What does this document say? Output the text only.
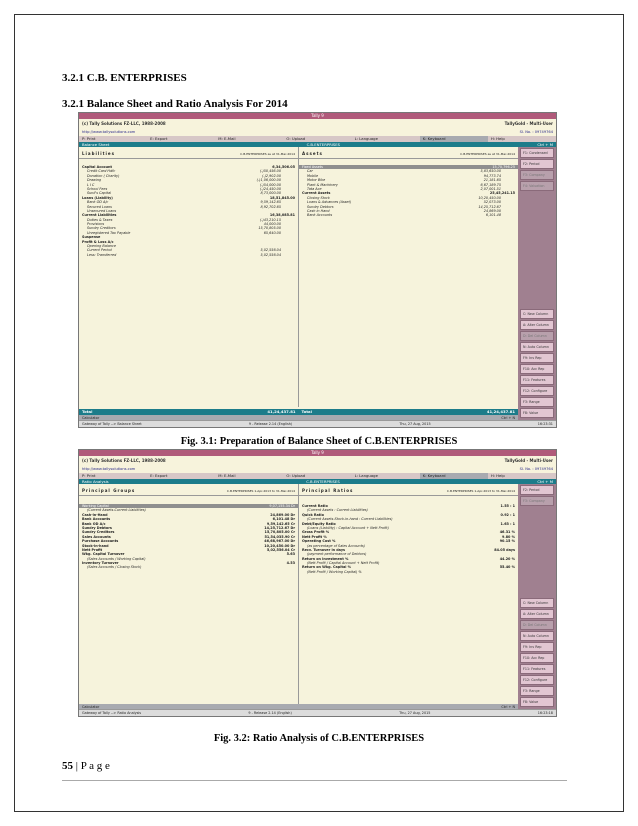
3.2.1 C.B. ENTERPRISES
3.2.1 Balance Sheet and Ratio Analysis For 2014
Tally 9
(c) Tally Solutions FZ-LLC, 1988-2008	TallyGold - Multi-User
http://www.tallysolutions.com	SI. No. : 09749764
P: Print	E: Export	M: E-Mail	O: Upload	L: Language	K: Keyboard	H: Help
Balance Sheet	C.B.ENTERPRISES	Ctrl + M
Liabilities	C.B.ENTERPRISES as at 31-Mar-2014
Capital Account	6,34,506.05
Credit Card Hdfc	(-)50,456.00
Donation ( Charity)	(-)2,902.00
Drawing	(-)1,06,000.00
L I C	(-)54,000.00
School Fees	(-)24,450.00
Sunil's Capital	8,73,000.00
Loans (Liability)	18,51,845.00
Bank OD A/c	9,59,142.65
Secured Loans	8,92,702.65
Unsecured Loans
Current Liabilities	16,38,085.81
Duties & Taxes	(-)43,210.15
Provisions	44,000.00
Sundry Creditors	15,70,805.00
Unregistered Tax Payable	65,640.00
Suspense
Profit & Loss A/c
Opening Balance
Current Period	5,02,556.04
Less: Transferred	5,02,556.04
Assets	C.B.ENTERPRISES as at 31-Mar-2014
Fixed Assets	15,70,796.25
Car	5,83,650.00
Mobile	94,773.74
Motor Bike	21,181.65
Plant & Machinery	6,67,189.75
Tata Ace	2,07,001.51
Current Assets	25,45,241.15
Closing Stock	10,20,450.00
Loans & Advances (Asset)	52,073.00
Sundry Debtors	14,25,712.67
Cash in Hand	24,869.00
Bank Accounts	6,101.48
Total	41,24,437.81 Total	41,24,437.81
F1: Condensed
F2: Period
F3: Company
F4: Valuation
C: New Column
A: Alter Column
D: Del Column
N: Auto Column
F9: Inv Rep
F10: Acc Rep
F11: Features
F12: Configure
F3: Range
F8: Value
Calculator	Ctrl + N
Gateway of Tally --> Balance Sheet	9 - Release 2.14 (English)	Thu, 27 Aug, 2015	16:23:31
Fig. 3.1: Preparation of Balance Sheet of C.B.ENTERPRISES
Tally 9
(c) Tally Solutions FZ-LLC, 1988-2008	TallyGold - Multi-User
http://www.tallysolutions.com	SI. No. : 09749764
P: Print	E: Export	M: E-Mail	O: Upload	L: Language	K: Keyboard	H: Help
Ratio Analysis	C.B.ENTERPRISES	Ctrl + M
Principal Groups	C.B.ENTERPRISES 1-Apr-2013 to 31-Mar-2014
Working Capital	9,07,155.34 Dr
(Current Assets-Current Liabilities)
Cash-in-Hand	24,869.00 Dr
Bank Accounts	6,101.48 Dr
Bank OD A/c	9,59,142.65 Cr
Sundry Debtors	14,25,712.67 Dr
Sundry Creditors	15,70,805.00 Cr
Sales Accounts	51,54,035.90 Cr
Purchase Accounts	46,68,967.00 Dr
Stock-in-hand	10,20,450.00 Dr
Nett Profit	5,02,556.04 Cr
Wkg. Capital Turnover	5.63
(Sales Accounts / Working Capital)
Inventory Turnover	4.53
(Sales Accounts / Closing Stock)
Principal Ratios	C.B.ENTERPRISES 1-Apr-2013 to 31-Mar-2014
Current Ratio	1.55 : 1
(Current Assets : Current Liabilities)
Quick Ratio	0.92 : 1
(Current Assets-Stock-in-hand : Current Liabilities)
Debt/Equity Ratio	1.63 : 1
(Loans (Liability) : Capital Account + Nett Profit)
Gross Profit %	46.31 %
Nett Profit %	9.80 %
Operating Cost %	90.15 %
(as percentage of Sales Accounts)
Recv. Turnover in days	84.05 days
(payment performance of Debtors)
Return on Investment %	44.20 %
(Nett Profit / Capital Account + Nett Profit)
Return on Wkg. Capital %	55.40 %
(Nett Profit / Working Capital) %
F2: Period
F3: Company
C: New Column
A: Alter Column
D: Del Column
N: Auto Column
F9: Inv Rep
F10: Acc Rep
F11: Features
F12: Configure
F3: Range
F8: Value
Calculator	Ctrl + N
Gateway of Tally --> Ratio Analysis	9 - Release 2.14 (English)	Thu, 27 Aug, 2015	16:23:18
Fig. 3.2: Ratio Analysis of C.B.ENTERPRISES
55 | P a g e
